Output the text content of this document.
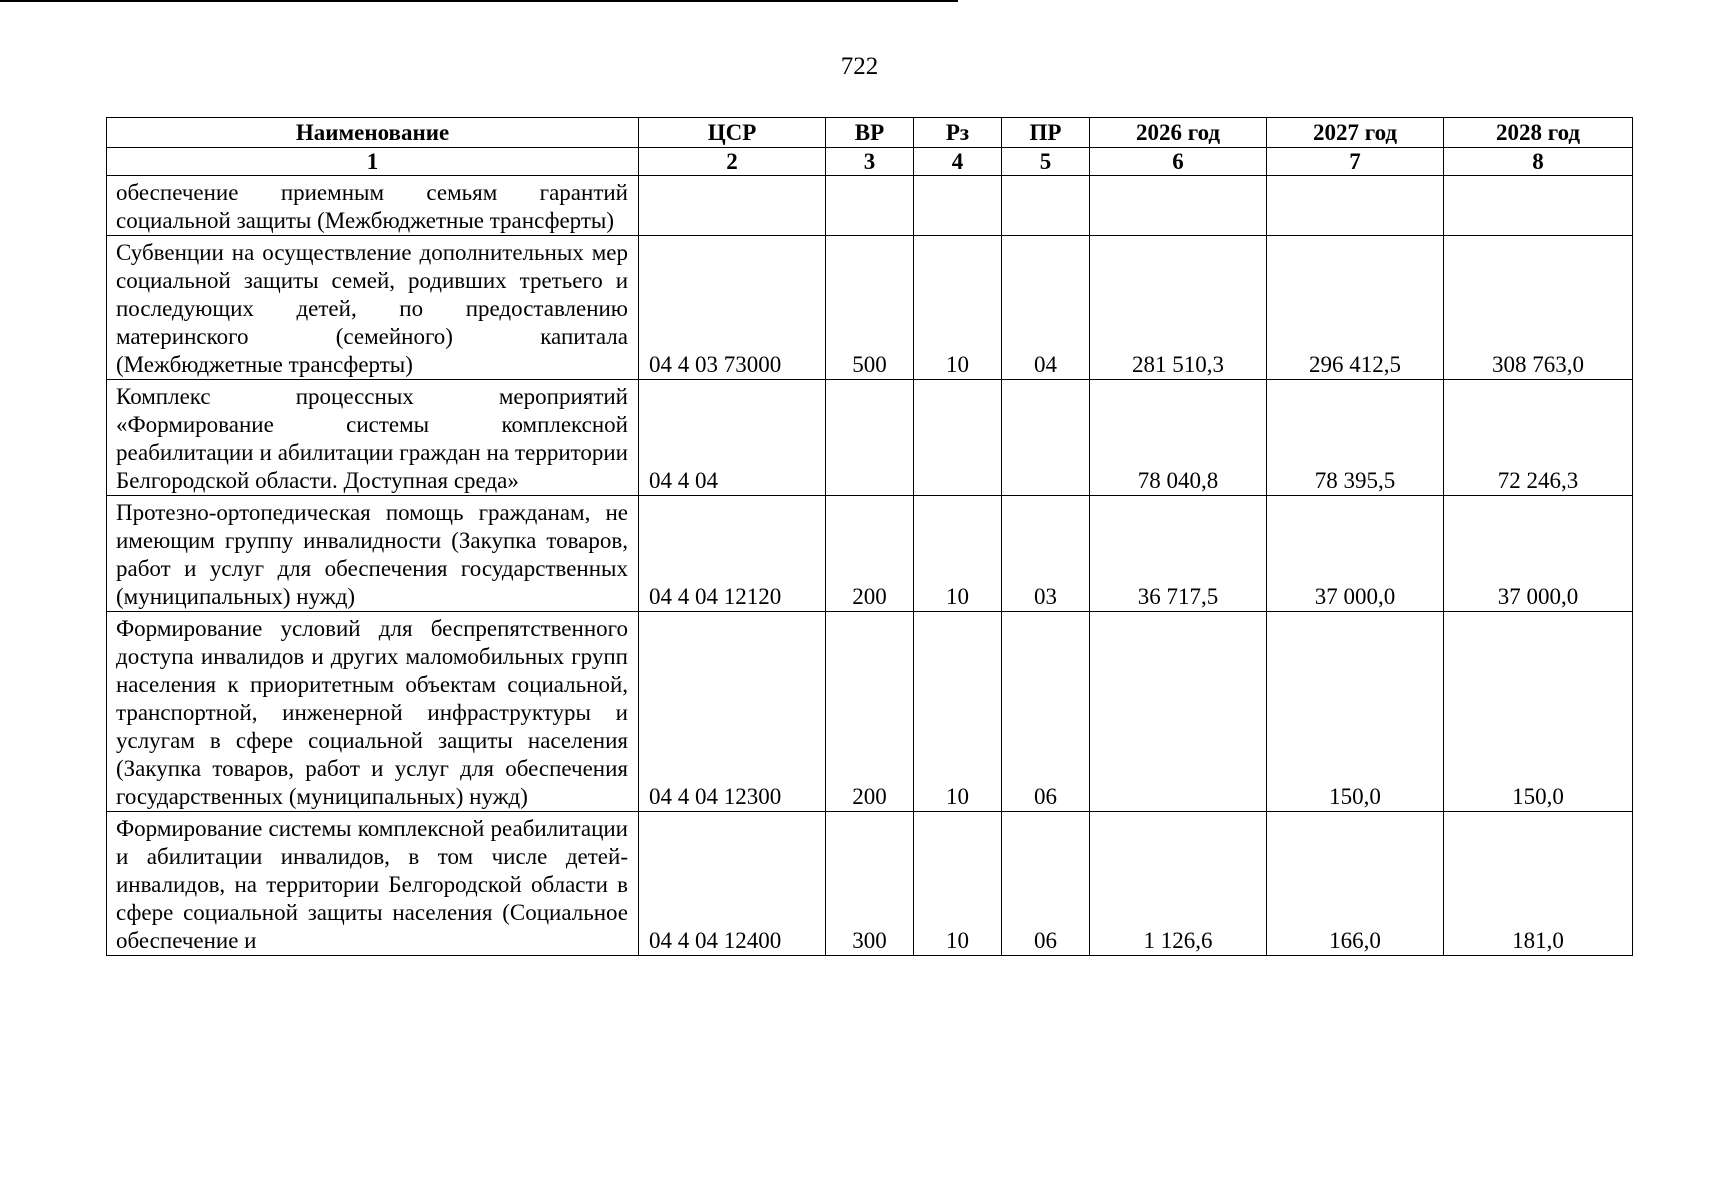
722
Наименование	ЦСР	ВР	Рз	ПР	2026 год	2027 год	2028 год
1	2	3	4	5	6	7	8
обеспечение приемным семьям гарантий социальной защиты (Межбюджетные трансферты)							
Субвенции на осуществление дополнительных мер социальной защиты семей, родивших третьего и последующих детей, по предоставлению материнского (семейного) капитала (Межбюджетные трансферты)	04 4 03 73000	500	10	04	281 510,3	296 412,5	308 763,0
Комплекс процессных мероприятий «Формирование системы комплексной реабилитации и абилитации граждан на территории Белгородской области. Доступная среда»	04 4 04				78 040,8	78 395,5	72 246,3
Протезно-ортопедическая помощь гражданам, не имеющим группу инвалидности (Закупка товаров, работ и услуг для обеспечения государственных (муниципальных) нужд)	04 4 04 12120	200	10	03	36 717,5	37 000,0	37 000,0
Формирование условий для беспрепятственного доступа инвалидов и других маломобильных групп населения к приоритетным объектам социальной, транспортной, инженерной инфраструктуры и услугам в сфере социальной защиты населения (Закупка товаров, работ и услуг для обеспечения государственных (муниципальных) нужд)	04 4 04 12300	200	10	06		150,0	150,0
Формирование системы комплексной реабилитации и абилитации инвалидов, в том числе детей-инвалидов, на территории Белгородской области в сфере социальной защиты населения (Социальное обеспечение и	04 4 04 12400	300	10	06	1 126,6	166,0	181,0
